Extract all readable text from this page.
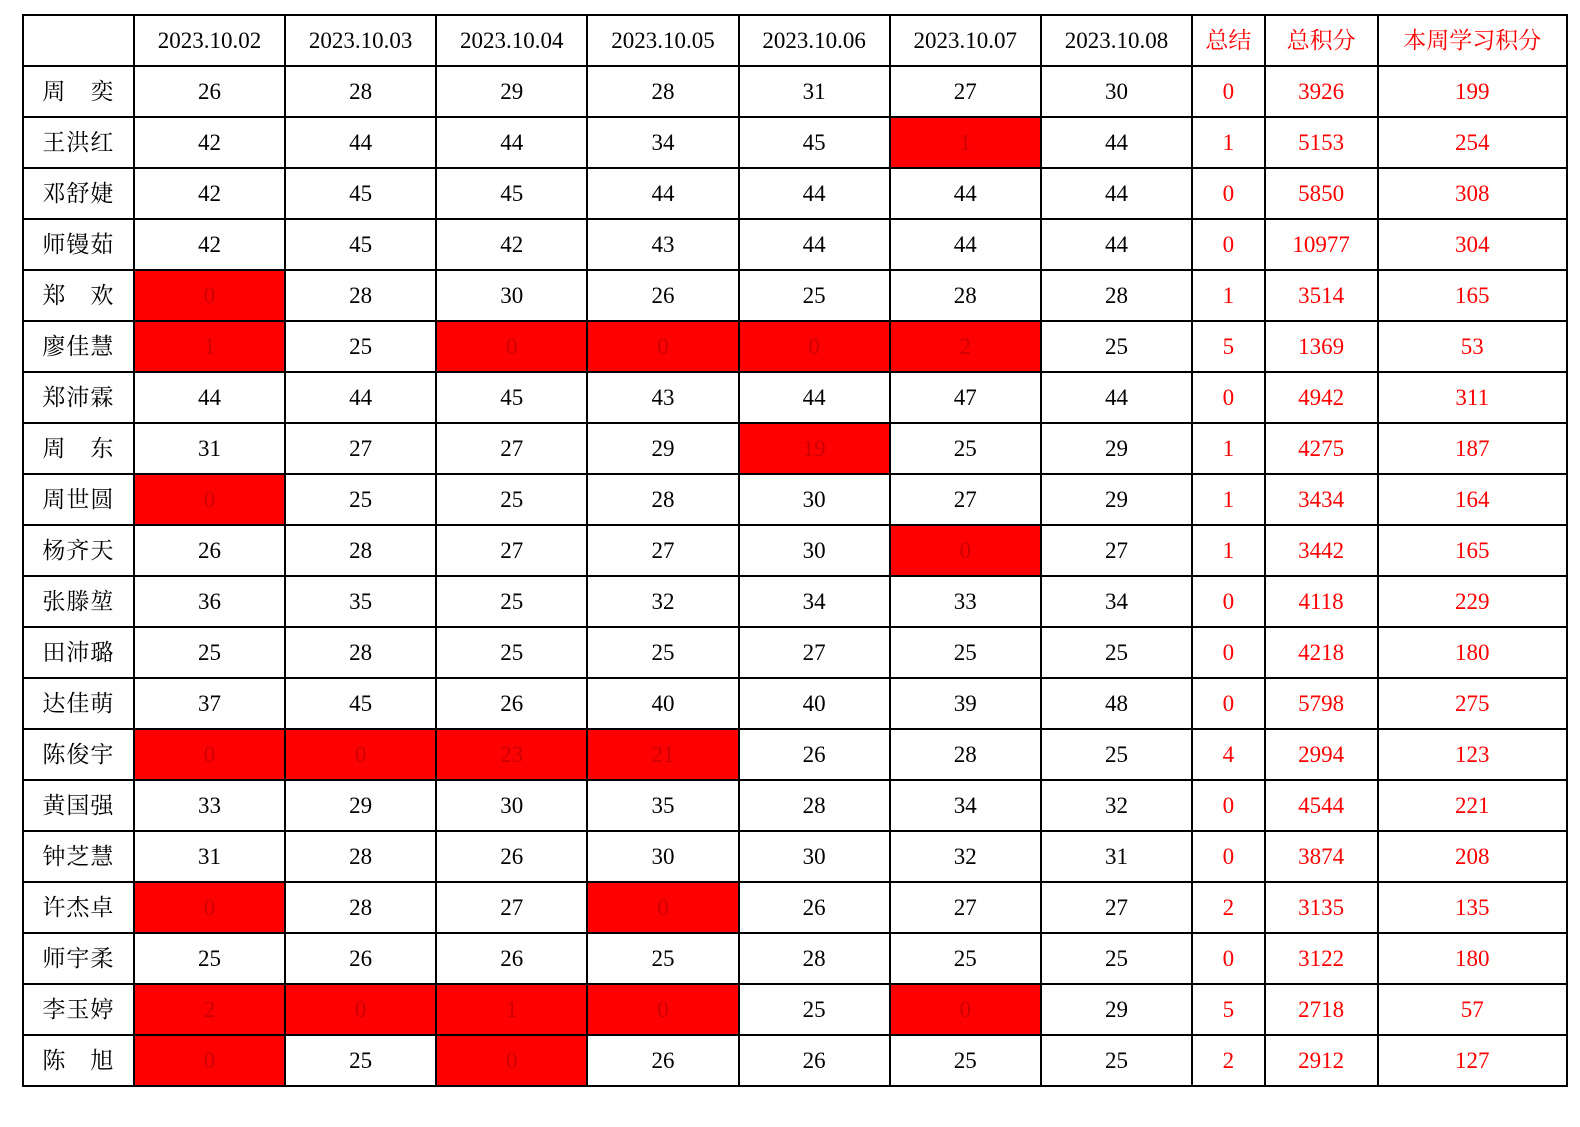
	2023.10.02	2023.10.03	2023.10.04	2023.10.05	2023.10.06	2023.10.07	2023.10.08	总结	总积分	本周学习积分
周　奕	26	28	29	28	31	27	30	0	3926	199
王洪红	42	44	44	34	45	1	44	1	5153	254
邓舒婕	42	45	45	44	44	44	44	0	5850	308
师镘茹	42	45	42	43	44	44	44	0	10977	304
郑　欢	0	28	30	26	25	28	28	1	3514	165
廖佳慧	1	25	0	0	0	2	25	5	1369	53
郑沛霖	44	44	45	43	44	47	44	0	4942	311
周　东	31	27	27	29	19	25	29	1	4275	187
周世圆	0	25	25	28	30	27	29	1	3434	164
杨齐天	26	28	27	27	30	0	27	1	3442	165
张滕堃	36	35	25	32	34	33	34	0	4118	229
田沛璐	25	28	25	25	27	25	25	0	4218	180
达佳萌	37	45	26	40	40	39	48	0	5798	275
陈俊宇	0	0	23	21	26	28	25	4	2994	123
黄国强	33	29	30	35	28	34	32	0	4544	221
钟芝慧	31	28	26	30	30	32	31	0	3874	208
许杰卓	0	28	27	0	26	27	27	2	3135	135
师宇柔	25	26	26	25	28	25	25	0	3122	180
李玉婷	2	0	1	0	25	0	29	5	2718	57
陈　旭	0	25	0	26	26	25	25	2	2912	127
